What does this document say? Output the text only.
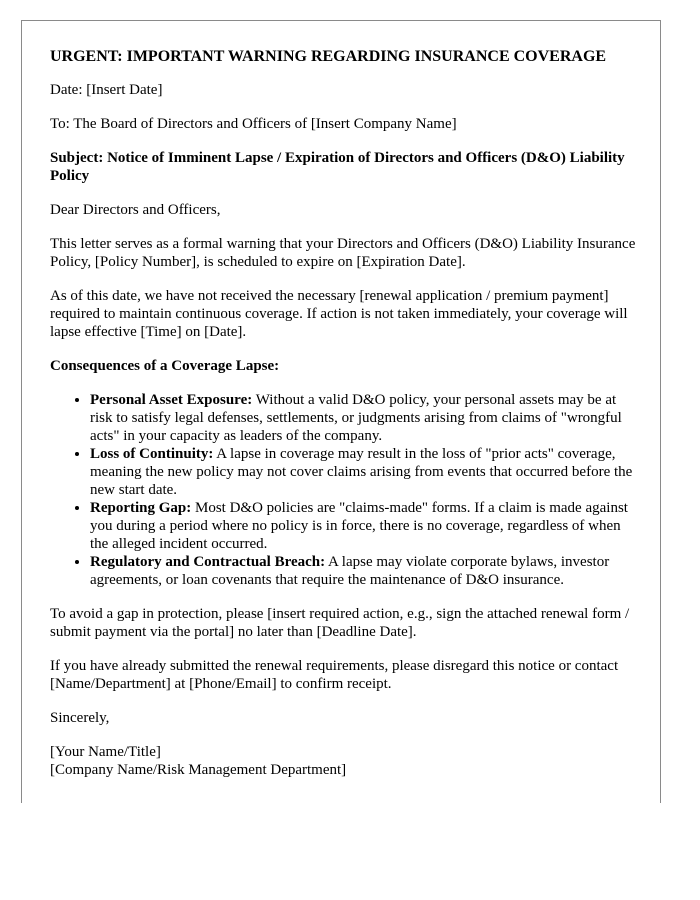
URGENT: IMPORTANT WARNING REGARDING INSURANCE COVERAGE

Date: [Insert Date]

To: The Board of Directors and Officers of [Insert Company Name]

Subject: Notice of Imminent Lapse / Expiration of Directors and Officers (D&O) Liability Policy

Dear Directors and Officers,

This letter serves as a formal warning that your Directors and Officers (D&O) Liability Insurance Policy, [Policy Number], is scheduled to expire on [Expiration Date].

As of this date, we have not received the necessary [renewal application / premium payment] required to maintain continuous coverage. If action is not taken immediately, your coverage will lapse effective [Time] on [Date].

Consequences of a Coverage Lapse:

• Personal Asset Exposure: Without a valid D&O policy, your personal assets may be at risk to satisfy legal defenses, settlements, or judgments arising from claims of "wrongful acts" in your capacity as leaders of the company.
• Loss of Continuity: A lapse in coverage may result in the loss of "prior acts" coverage, meaning the new policy may not cover claims arising from events that occurred before the new start date.
• Reporting Gap: Most D&O policies are "claims-made" forms. If a claim is made against you during a period where no policy is in force, there is no coverage, regardless of when the alleged incident occurred.
• Regulatory and Contractual Breach: A lapse may violate corporate bylaws, investor agreements, or loan covenants that require the maintenance of D&O insurance.

To avoid a gap in protection, please [insert required action, e.g., sign the attached renewal form / submit payment via the portal] no later than [Deadline Date].

If you have already submitted the renewal requirements, please disregard this notice or contact [Name/Department] at [Phone/Email] to confirm receipt.

Sincerely,

[Your Name/Title]

[Company Name/Risk Management Department]
